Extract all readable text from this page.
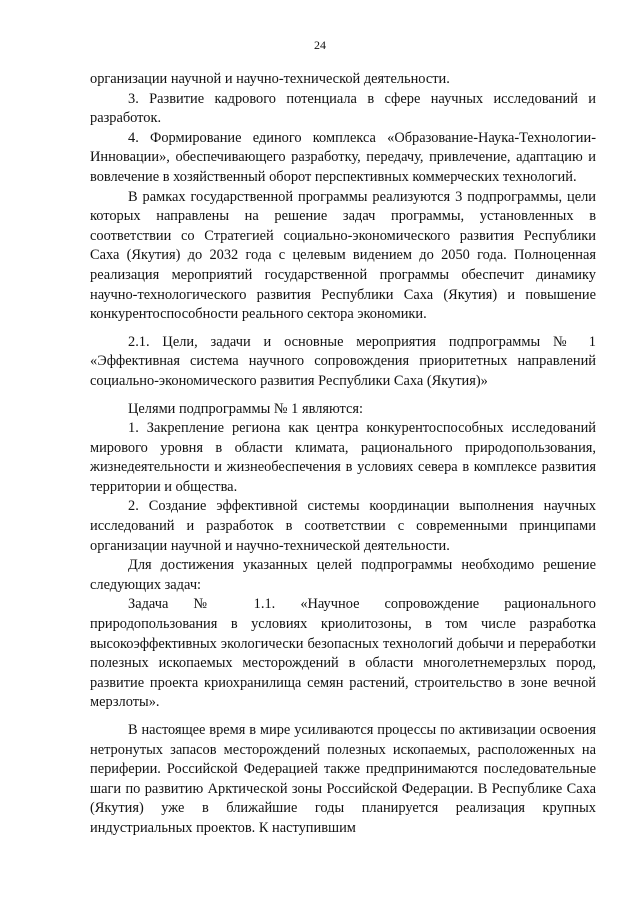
24

организации научной и научно-технической деятельности.

3. Развитие кадрового потенциала в сфере научных исследований и разработок.

4. Формирование единого комплекса «Образование-Наука-Технологии-Инновации», обеспечивающего разработку, передачу, привлечение, адаптацию и вовлечение в хозяйственный оборот перспективных коммерческих технологий.

В рамках государственной программы реализуются 3 подпрограммы, цели которых направлены на решение задач программы, установленных в соответствии со Стратегией социально-экономического развития Республики Саха (Якутия) до 2032 года с целевым видением до 2050 года. Полноценная реализация мероприятий государственной программы обеспечит динамику научно-технологического развития Республики Саха (Якутия) и повышение конкурентоспособности реального сектора экономики.

2.1. Цели, задачи и основные мероприятия подпрограммы № 1 «Эффективная система научного сопровождения приоритетных направлений социально-экономического развития Республики Саха (Якутия)»

Целями подпрограммы № 1 являются:

1. Закрепление региона как центра конкурентоспособных исследований мирового уровня в области климата, рационального природопользования, жизнедеятельности и жизнеобеспечения в условиях севера в комплексе развития территории и общества.

2. Создание эффективной системы координации выполнения научных исследований и разработок в соответствии с современными принципами организации научной и научно-технической деятельности.

Для достижения указанных целей подпрограммы необходимо решение следующих задач:

Задача № 1.1. «Научное сопровождение рационального природопользования в условиях криолитозоны, в том числе разработка высокоэффективных экологически безопасных технологий добычи и переработки полезных ископаемых месторождений в области многолетнемерзлых пород, развитие проекта криохранилища семян растений, строительство в зоне вечной мерзлоты».

В настоящее время в мире усиливаются процессы по активизации освоения нетронутых запасов месторождений полезных ископаемых, расположенных на периферии. Российской Федерацией также предпринимаются последовательные шаги по развитию Арктической зоны Российской Федерации. В Республике Саха (Якутия) уже в ближайшие годы планируется реализация крупных индустриальных проектов. К наступившим
